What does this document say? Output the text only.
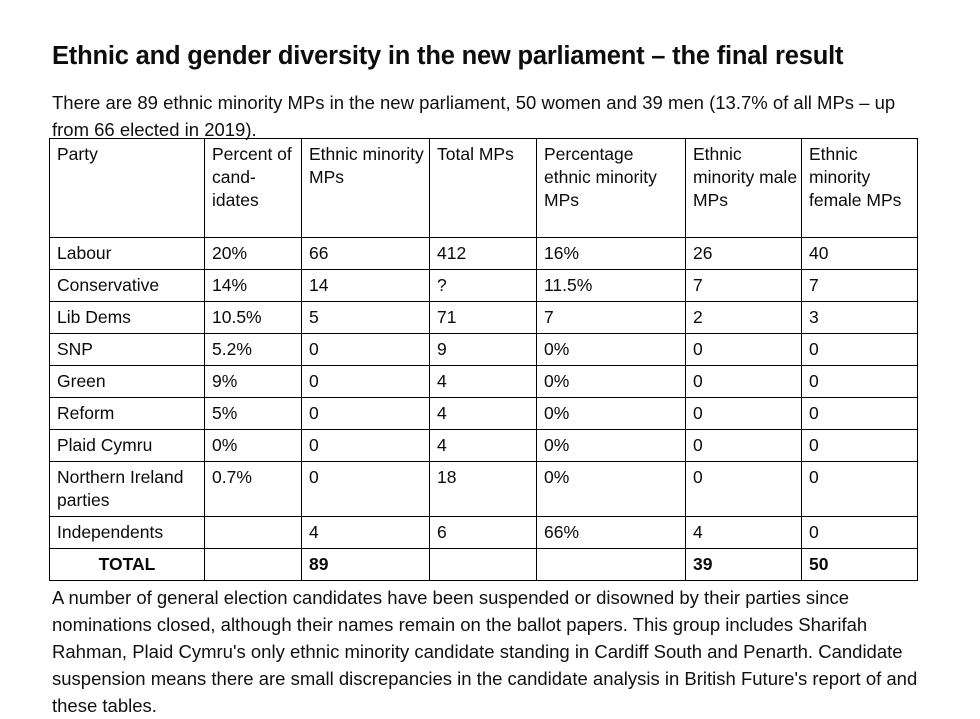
Ethnic and gender diversity in the new parliament – the final result

There are 89 ethnic minority MPs in the new parliament, 50 women and 39 men (13.7% of all MPs – up from 66 elected in 2019).

Party	Percent of cand-idates	Ethnic minority MPs	Total MPs	Percentage ethnic minority MPs	Ethnic minority male MPs	Ethnic minority female MPs
Labour	20%	66	412	16%	26	40
Conservative	14%	14	?	11.5%	7	7
Lib Dems	10.5%	5	71	7	2	3
SNP	5.2%	0	9	0%	0	0
Green	9%	0	4	0%	0	0
Reform	5%	0	4	0%	0	0
Plaid Cymru	0%	0	4	0%	0	0
Northern Ireland parties	0.7%	0	18	0%	0	0
Independents		4	6	66%	4	0
TOTAL		89			39	50

A number of general election candidates have been suspended or disowned by their parties since nominations closed, although their names remain on the ballot papers. This group includes Sharifah Rahman, Plaid Cymru's only ethnic minority candidate standing in Cardiff South and Penarth. Candidate suspension means there are small discrepancies in the candidate analysis in British Future's report of and these tables.
